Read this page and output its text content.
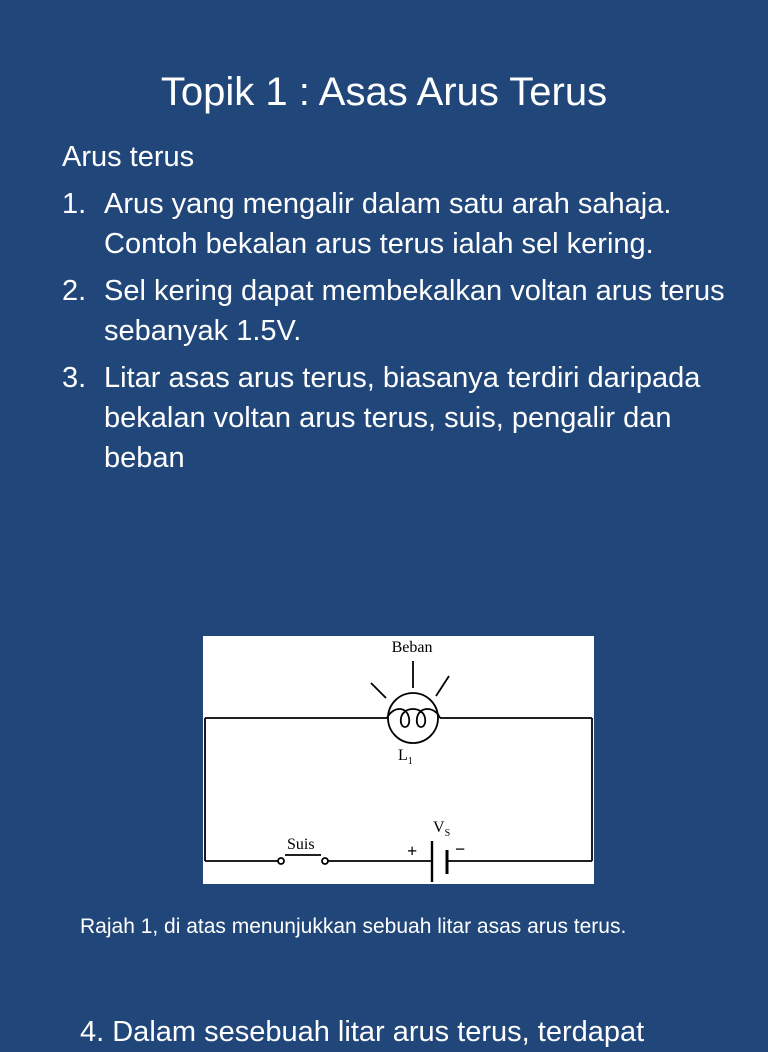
Topik 1 : Asas Arus Terus
Arus terus
1. Arus yang mengalir dalam satu arah sahaja. Contoh bekalan arus terus ialah sel kering.
2. Sel kering dapat membekalkan voltan arus terus sebanyak 1.5V.
3. Litar asas arus terus, biasanya terdiri daripada bekalan voltan arus terus, suis, pengalir dan beban
Beban
$L_1$
Suis
$V_S$
+ −
Rajah 1, di atas menunjukkan sebuah litar asas arus terus.
4. Dalam sesebuah litar arus terus, terdapat
